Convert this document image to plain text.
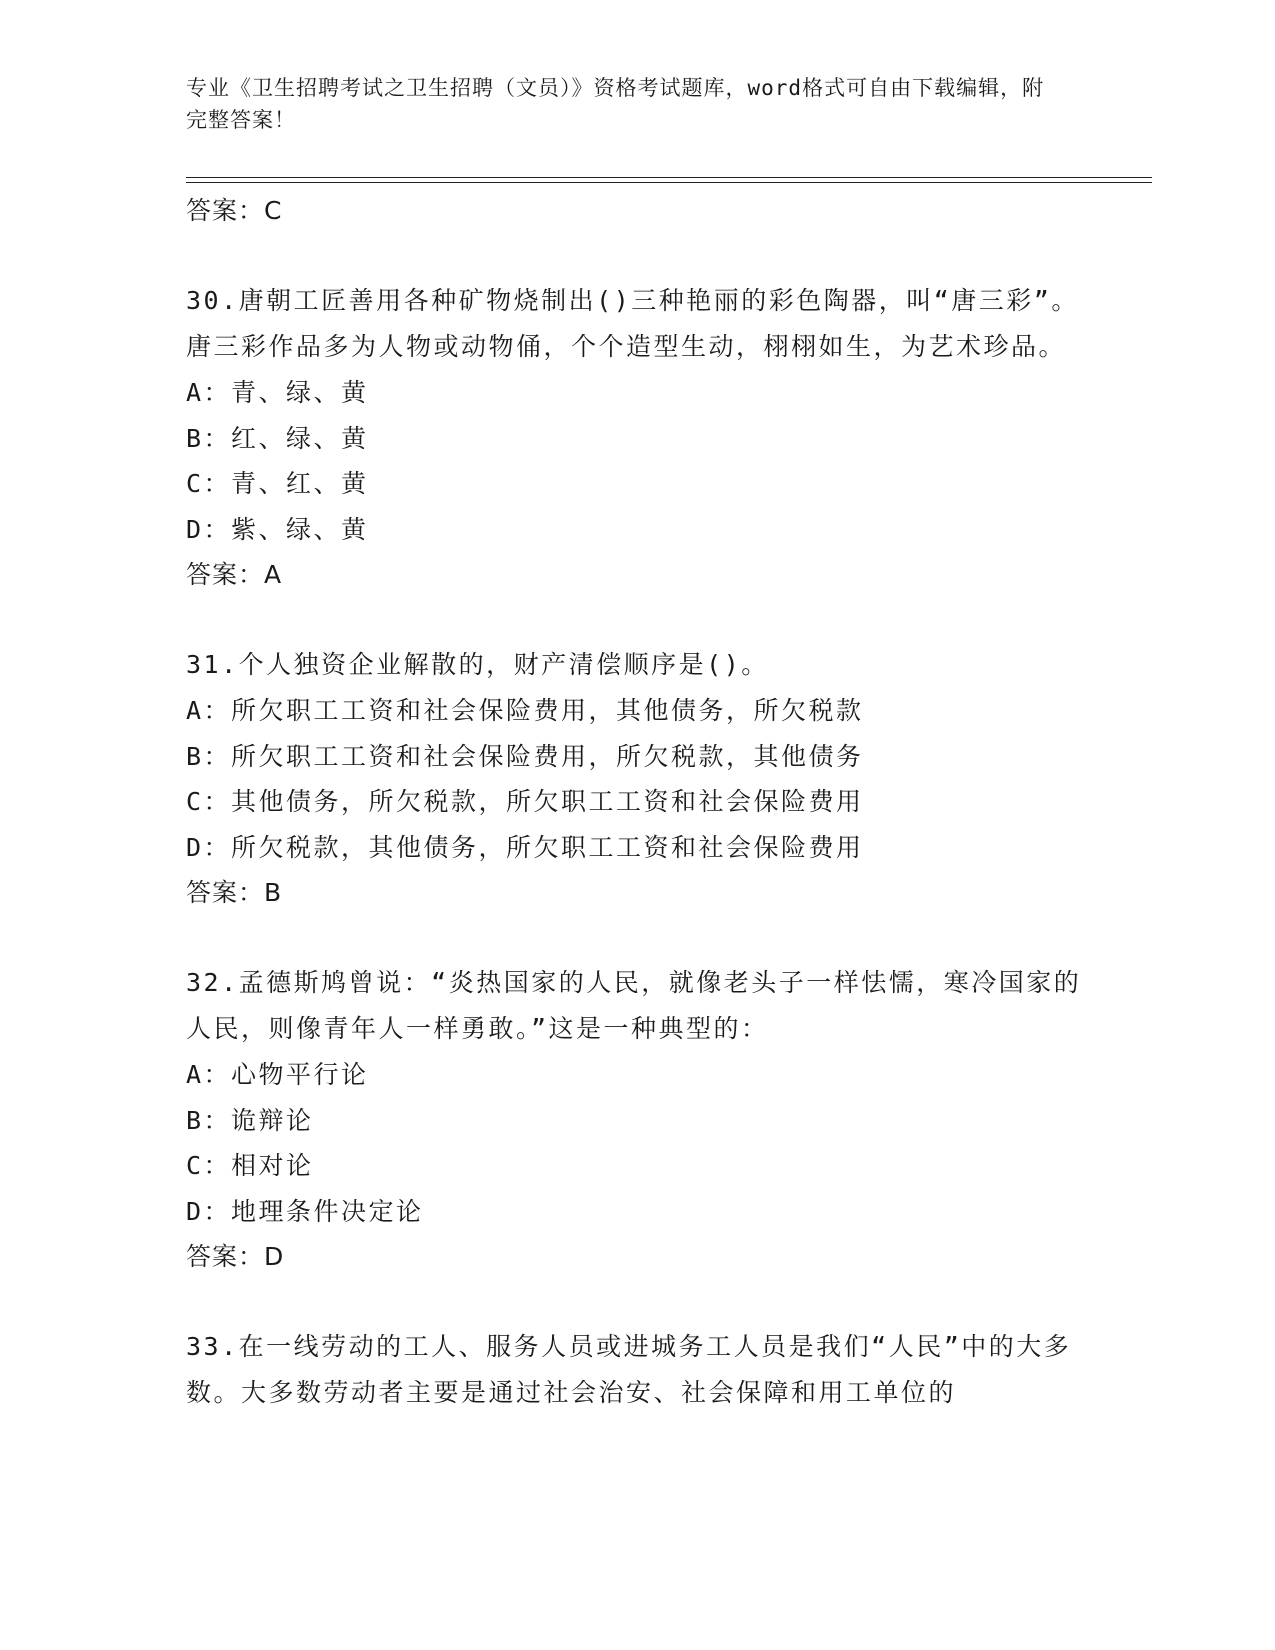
专业《卫生招聘考试之卫生招聘（文员）》资格考试题库，word格式可自由下载编辑，附完整答案！

答案：C

30.唐朝工匠善用各种矿物烧制出()三种艳丽的彩色陶器，叫“唐三彩”。唐三彩作品多为人物或动物俑，个个造型生动，栩栩如生，为艺术珍品。

A：青、绿、黄

B：红、绿、黄

C：青、红、黄

D：紫、绿、黄

答案：A

31.个人独资企业解散的，财产清偿顺序是()。

A：所欠职工工资和社会保险费用，其他债务，所欠税款

B：所欠职工工资和社会保险费用，所欠税款，其他债务

C：其他债务，所欠税款，所欠职工工资和社会保险费用

D：所欠税款，其他债务，所欠职工工资和社会保险费用

答案：B

32.孟德斯鸠曾说：“炎热国家的人民，就像老头子一样怯懦，寒冷国家的人民，则像青年人一样勇敢。”这是一种典型的：

A：心物平行论

B：诡辩论

C：相对论

D：地理条件决定论

答案：D

33.在一线劳动的工人、服务人员或进城务工人员是我们“人民”中的大多数。大多数劳动者主要是通过社会治安、社会保障和用工单位的
